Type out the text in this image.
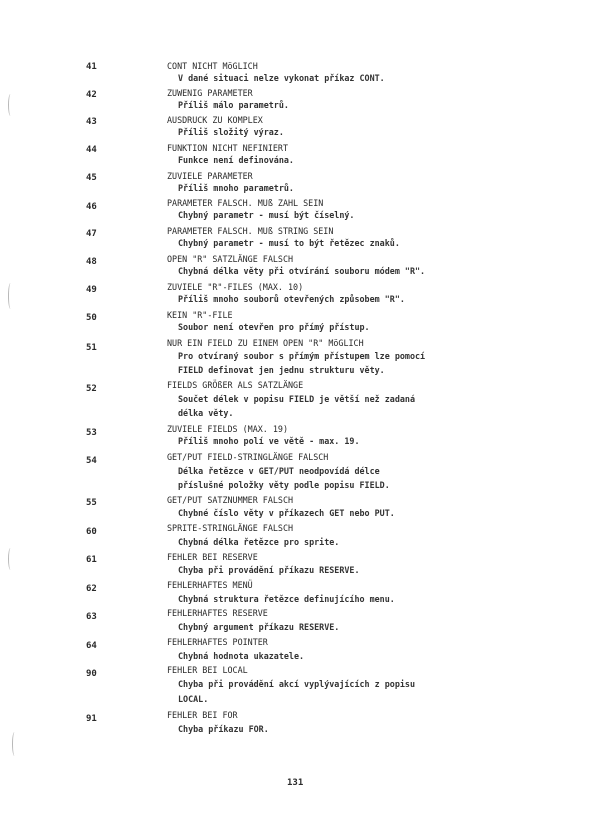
41	CONT NICHT MöGLICH
V dané situaci nelze vykonat příkaz CONT.
42	ZUWENIG PARAMETER
Příliš málo parametrů.
43	AUSDRUCK ZU KOMPLEX
Příliš složitý výraz.
44	FUNKTION NICHT NEFINIERT
Funkce není definována.
45	ZUVIELE PARAMETER
Příliš mnoho parametrů.
46	PARAMETER FALSCH. MUß ZAHL SEIN
Chybný parametr - musí být číselný.
47	PARAMETER FALSCH. MUß STRING SEIN
Chybný parametr - musí to být řetězec znaků.
48	OPEN "R" SATZLÄNGE FALSCH
Chybná délka věty při otvírání souboru módem "R".
49	ZUVIELE "R"-FILES (MAX. 10)
Příliš mnoho souborů otevřených způsobem "R".
50	KEIN "R"-FILE
Soubor není otevřen pro přímý přístup.
51	NUR EIN FIELD ZU EINEM OPEN "R" MöGLICH
Pro otvíraný soubor s přímým přístupem lze pomocí
FIELD definovat jen jednu strukturu věty.
52	FIELDS GRÖßER ALS SATZLÄNGE
Součet délek v popisu FIELD je větší než zadaná
délka věty.
53	ZUVIELE FIELDS (MAX. 19)
Příliš mnoho polí ve větě - max. 19.
54	GET/PUT FIELD-STRINGLÄNGE FALSCH
Délka řetězce v GET/PUT neodpovídá délce
příslušné položky věty podle popisu FIELD.
55	GET/PUT SATZNUMMER FALSCH
Chybné číslo věty v příkazech GET nebo PUT.
60	SPRITE-STRINGLÄNGE FALSCH
Chybná délka řetězce pro sprite.
61	FEHLER BEI RESERVE
Chyba při provádění příkazu RESERVE.
62	FEHLERHAFTES MENÜ
Chybná struktura řetězce definujícího menu.
63	FEHLERHAFTES RESERVE
Chybný argument příkazu RESERVE.
64	FEHLERHAFTES POINTER
Chybná hodnota ukazatele.
90	FEHLER BEI LOCAL
Chyba při provádění akcí vyplývajících z popisu
LOCAL.
91	FEHLER BEI FOR
Chyba příkazu FOR.
131
